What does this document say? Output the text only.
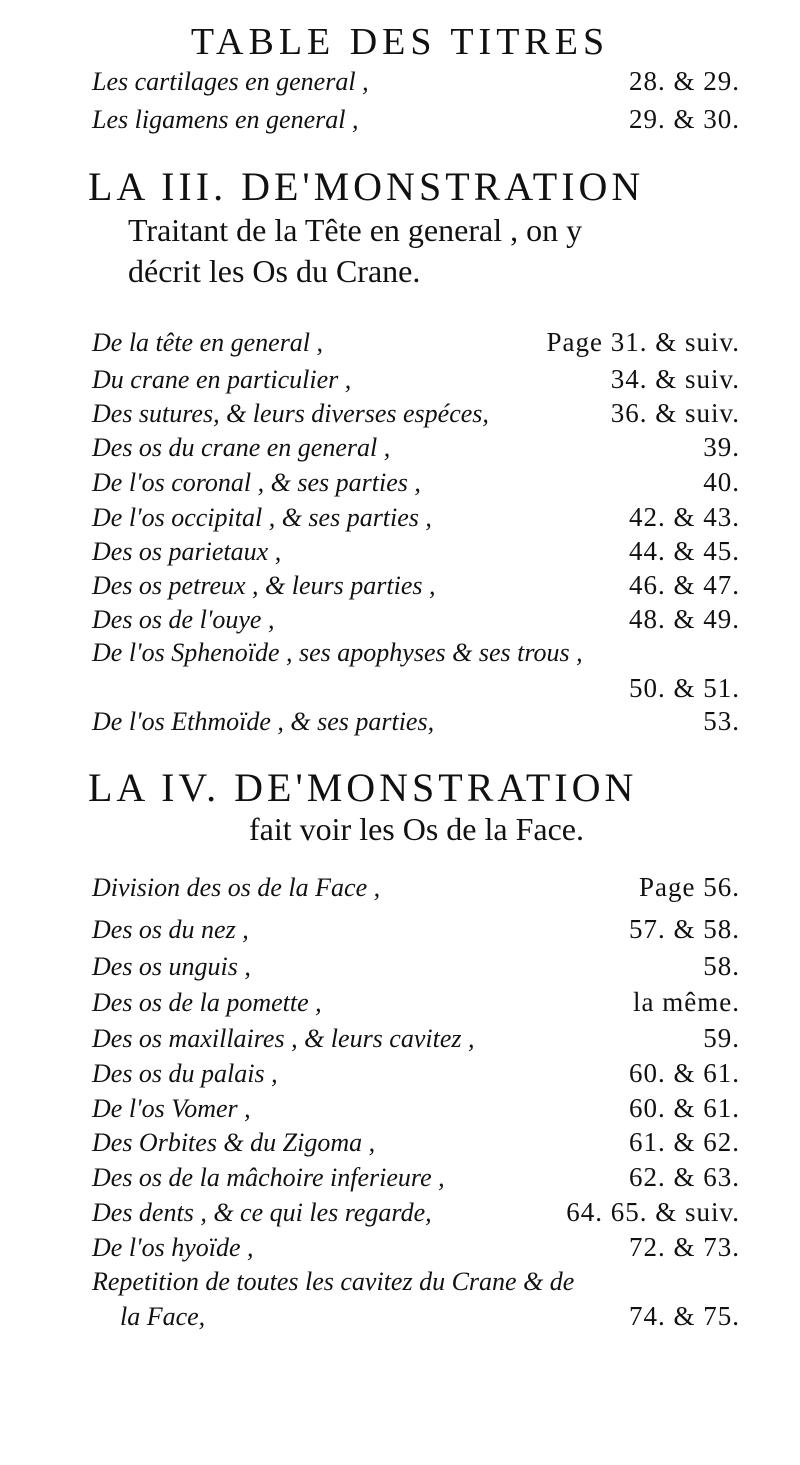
TABLE DES TITRES
Les cartilages en general ,	28. & 29.
Les ligamens en general ,	29. & 30.
LA III. DE'MONSTRATION
Traitant de la Tête en general , on y
décrit les Os du Crane.
De la tête en general ,	Page 31. & suiv.
Du crane en particulier ,	34. & suiv.
Des sutures, & leurs diverses espéces,	36. & suiv.
Des os du crane en general ,	39.
De l'os coronal , & ses parties ,	40.
De l'os occipital , & ses parties ,	42. & 43.
Des os parietaux ,	44. & 45.
Des os petreux , & leurs parties ,	46. & 47.
Des os de l'ouye ,	48. & 49.
De l'os Sphenoïde , ses apophyses & ses trous ,
50. & 51.
De l'os Ethmoïde , & ses parties,	53.
LA IV. DE'MONSTRATION
fait voir les Os de la Face.
Division des os de la Face ,	Page 56.
Des os du nez ,	57. & 58.
Des os unguis ,	58.
Des os de la pomette ,	la même.
Des os maxillaires , & leurs cavitez ,	59.
Des os du palais ,	60. & 61.
De l'os Vomer ,	60. & 61.
Des Orbites & du Zigoma ,	61. & 62.
Des os de la mâchoire inferieure ,	62. & 63.
Des dents , & ce qui les regarde,	64. 65. & suiv.
De l'os hyoïde ,	72. & 73.
Repetition de toutes les cavitez du Crane & de
la Face,	74. & 75.
